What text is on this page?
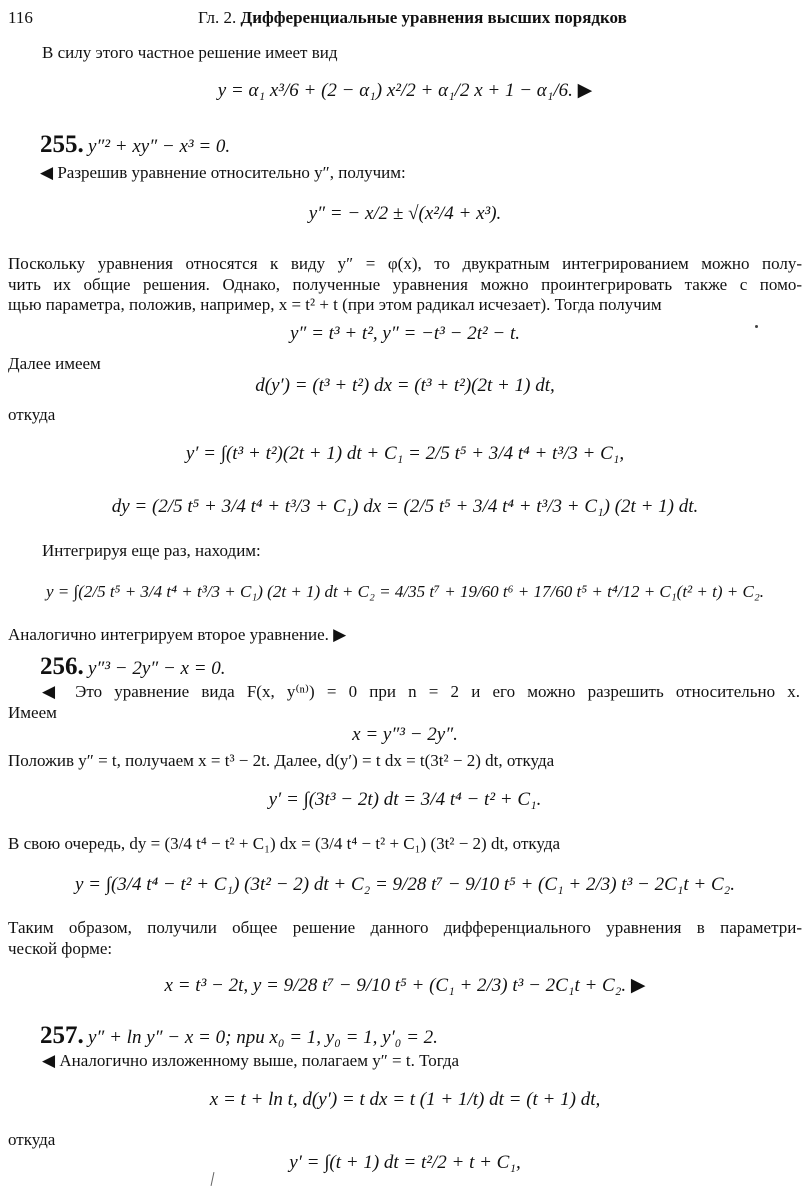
116	Гл. 2. Дифференциальные уравнения высших порядков
В силу этого частное решение имеет вид
y = α₁ x³/6 + (2 − α₁) x²/2 + α₁/2 x + 1 − α₁/6. ▶
255. y″² + xy″ − x³ = 0.
◀ Разрешив уравнение относительно y″, получим:
y″ = − x/2 ± √(x²/4 + x³).
Поскольку уравнения относятся к виду y″ = φ(x), то двукратным интегрированием можно полу-
чить их общие решения. Однако, полученные уравнения можно проинтегрировать также с помо-
щью параметра, положив, например, x = t² + t (при этом радикал исчезает). Тогда получим
y″ = t³ + t², y″ = −t³ − 2t² − t.
Далее имеем
d(y′) = (t³ + t²) dx = (t³ + t²)(2t + 1) dt,
откуда
y′ = ∫(t³ + t²)(2t + 1) dt + C₁ = 2/5 t⁵ + 3/4 t⁴ + t³/3 + C₁,
dy = (2/5 t⁵ + 3/4 t⁴ + t³/3 + C₁) dx = (2/5 t⁵ + 3/4 t⁴ + t³/3 + C₁) (2t + 1) dt.
Интегрируя еще раз, находим:
y = ∫(2/5 t⁵ + 3/4 t⁴ + t³/3 + C₁) (2t + 1) dt + C₂ = 4/35 t⁷ + 19/60 t⁶ + 17/60 t⁵ + t⁴/12 + C₁(t² + t) + C₂.
Аналогично интегрируем второе уравнение. ▶
256. y″³ − 2y″ − x = 0.
◀ Это уравнение вида F(x, y⁽ⁿ⁾) = 0 при n = 2 и его можно разрешить относительно x.
Имеем
x = y″³ − 2y″.
Положив y″ = t, получаем x = t³ − 2t. Далее, d(y′) = t dx = t(3t² − 2) dt, откуда
y′ = ∫(3t³ − 2t) dt = 3/4 t⁴ − t² + C₁.
В свою очередь, dy = (3/4 t⁴ − t² + C₁) dx = (3/4 t⁴ − t² + C₁) (3t² − 2) dt, откуда
y = ∫(3/4 t⁴ − t² + C₁) (3t² − 2) dt + C₂ = 9/28 t⁷ − 9/10 t⁵ + (C₁ + 2/3) t³ − 2C₁t + C₂.
Таким образом, получили общее решение данного дифференциального уравнения в параметри-
ческой форме:
x = t³ − 2t, y = 9/28 t⁷ − 9/10 t⁵ + (C₁ + 2/3) t³ − 2C₁t + C₂. ▶
257. y″ + ln y″ − x = 0; при x₀ = 1, y₀ = 1, y′₀ = 2.
◀ Аналогично изложенному выше, полагаем y″ = t. Тогда
x = t + ln t, d(y′) = t dx = t (1 + 1/t) dt = (t + 1) dt,
откуда
y′ = ∫(t + 1) dt = t²/2 + t + C₁,
